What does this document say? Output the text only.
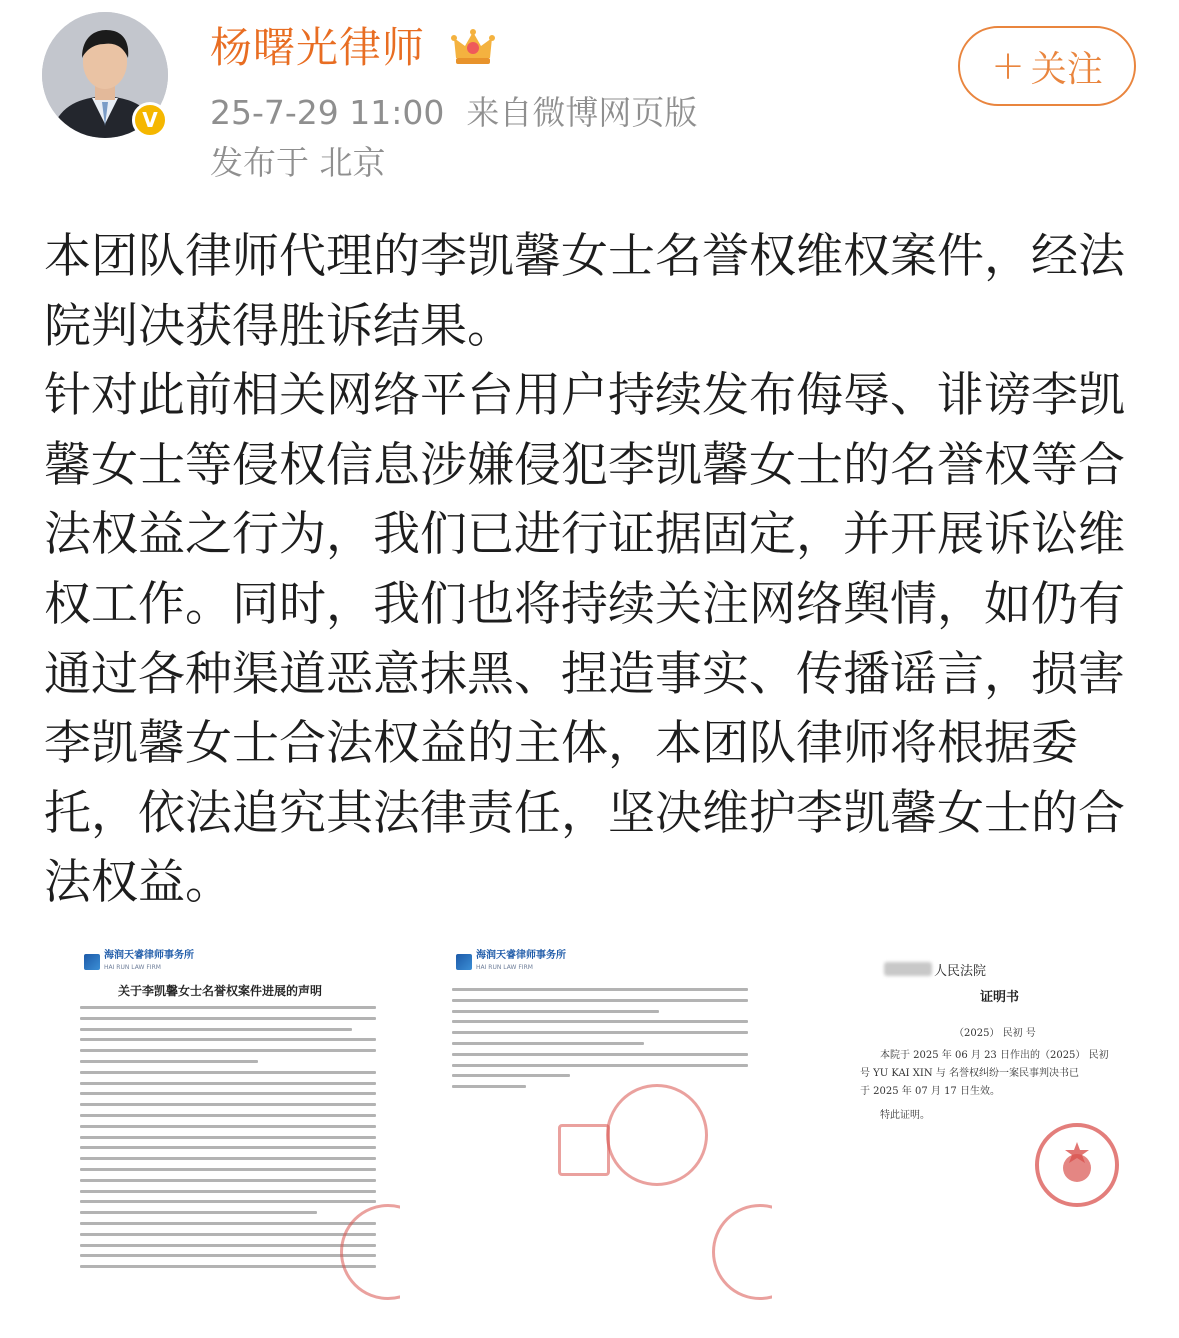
V
杨曙光律师
25-7-29 11:00 来自微博网页版
发布于 北京
+ 关注

本团队律师代理的李凯馨女士名誉权维权案件，经法院判决获得胜诉结果。

针对此前相关网络平台用户持续发布侮辱、诽谤李凯馨女士等侵权信息涉嫌侵犯李凯馨女士的名誉权等合法权益之行为，我们已进行证据固定，并开展诉讼维权工作。同时，我们也将持续关注网络舆情，如仍有通过各种渠道恶意抹黑、捏造事实、传播谣言，损害李凯馨女士合法权益的主体，本团队律师将根据委托，依法追究其法律责任，坚决维护李凯馨女士的合法权益。

海润天睿律师事务所
HAI RUN LAW FIRM
关于李凯馨女士名誉权案件进展的声明
海润天睿律师事务所
HAI RUN LAW FIRM	人民法院
证明书
（2025） 民初 号
本院于 2025 年 06 月 23 日作出的（2025） 民初
号 YU KAI XIN 与 名誉权纠纷一案民事判决书已
于 2025 年 07 月 17 日生效。
特此证明。
